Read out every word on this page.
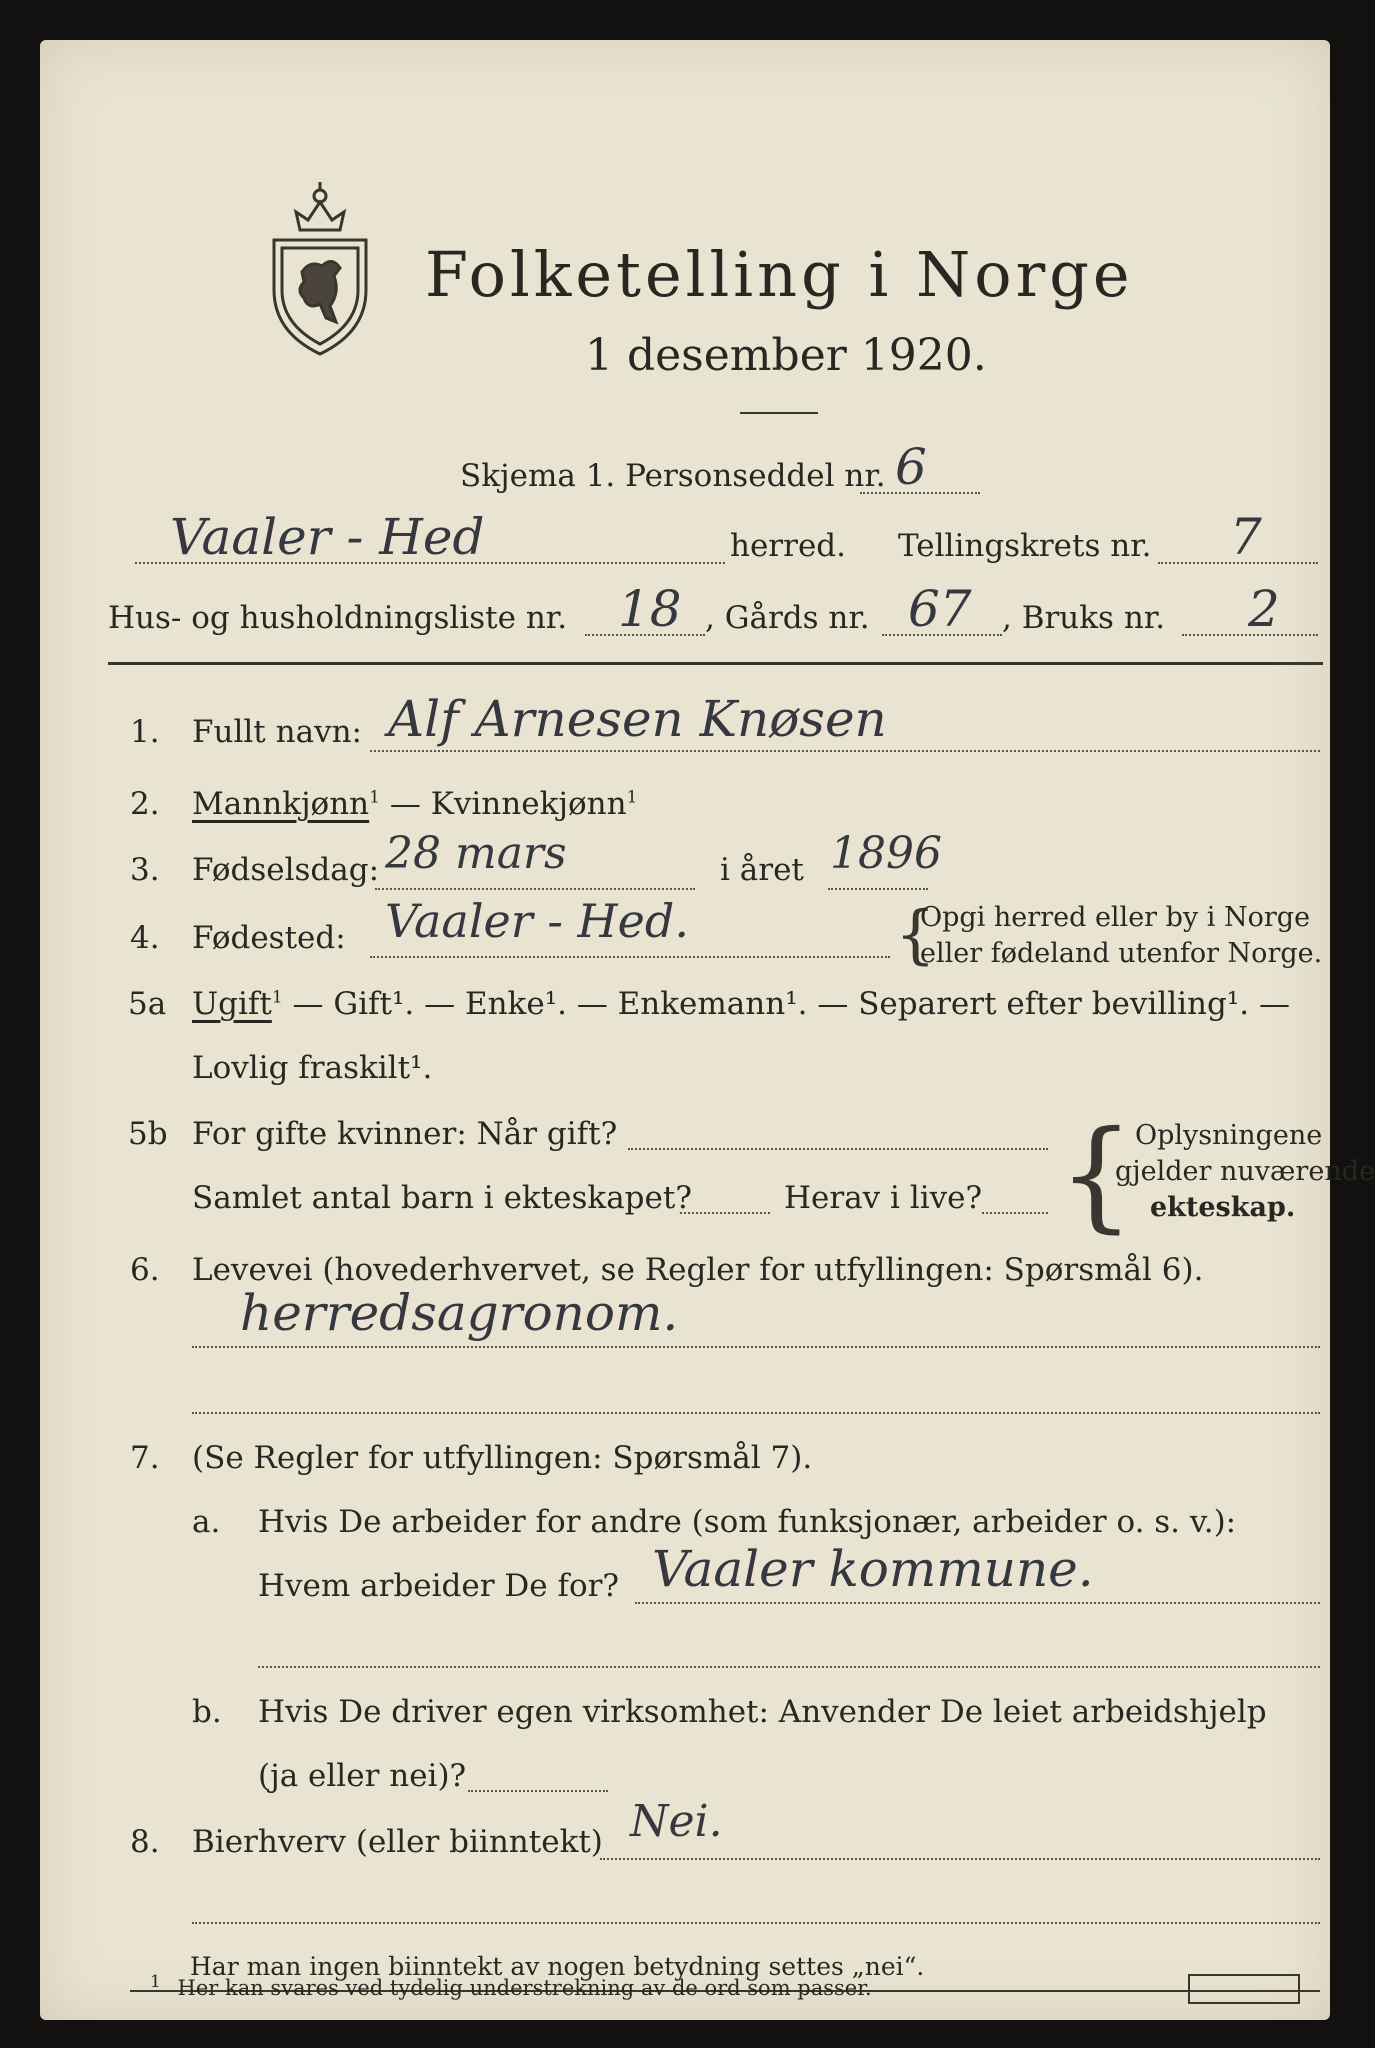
Folketelling i Norge
1 desember 1920.
Skjema 1. Personseddel nr. 6
Vaaler - Hed	herred. Tellingskrets nr. 7
Hus- og husholdningsliste nr. 18 , Gårds nr. 67 , Bruks nr. 2
1. Fullt navn: Alf Arnesen Knøsen
2. Mannkjønn$^1$ — Kvinnekjønn$^1$
3. Fødselsdag: 28 mars	i året 1896
4. Fødested: Vaaler - Hed.	{
Opgi herred eller by i Norge
eller fødeland utenfor Norge.
5a Ugift$^1$ — Gift¹. — Enke¹. — Enkemann¹. — Separert efter bevilling¹. —
Lovlig fraskilt¹.
5b For gifte kvinner: Når gift?
Samlet antal barn i ekteskapet?	Herav i live? { Oplysningene
gjelder nuværende
ekteskap.
6. Levevei (hovederhvervet, se Regler for utfyllingen: Spørsmål 6).
herredsagronom.
7. (Se Regler for utfyllingen: Spørsmål 7).
a. Hvis De arbeider for andre (som funksjonær, arbeider o. s. v.):
Hvem arbeider De for? Vaaler kommune.
b. Hvis De driver egen virksomhet: Anvender De leiet arbeidshjelp
(ja eller nei)?
8. Bierhverv (eller biinntekt) Nei.
Har man ingen biinntekt av nogen betydning settes „nei“.
$^1$ Her kan svares ved tydelig understrekning av de ord som passer.
